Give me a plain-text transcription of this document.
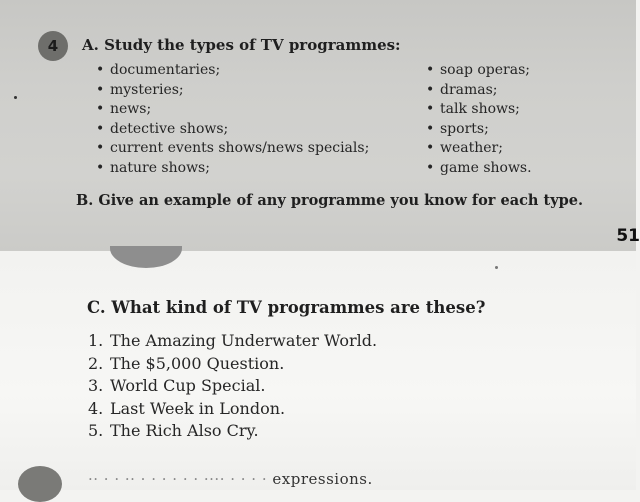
4 A. Study the types of TV programmes:
• documentaries;
• mysteries;
• news;
• detective shows;
• current events shows/news specials;
• nature shows;
• soap operas;
• dramas;
• talk shows;
• sports;
• weather;
• game shows.
B. Give an example of any programme you know for each type.
51
C. What kind of TV programmes are these?
1. The Amazing Underwater World.
2. The $5,000 Question.
3. World Cup Special.
4. Last Week in London.
5. The Rich Also Cry.
·· · · ·· · · · · · · ···· · · · · expressions.
